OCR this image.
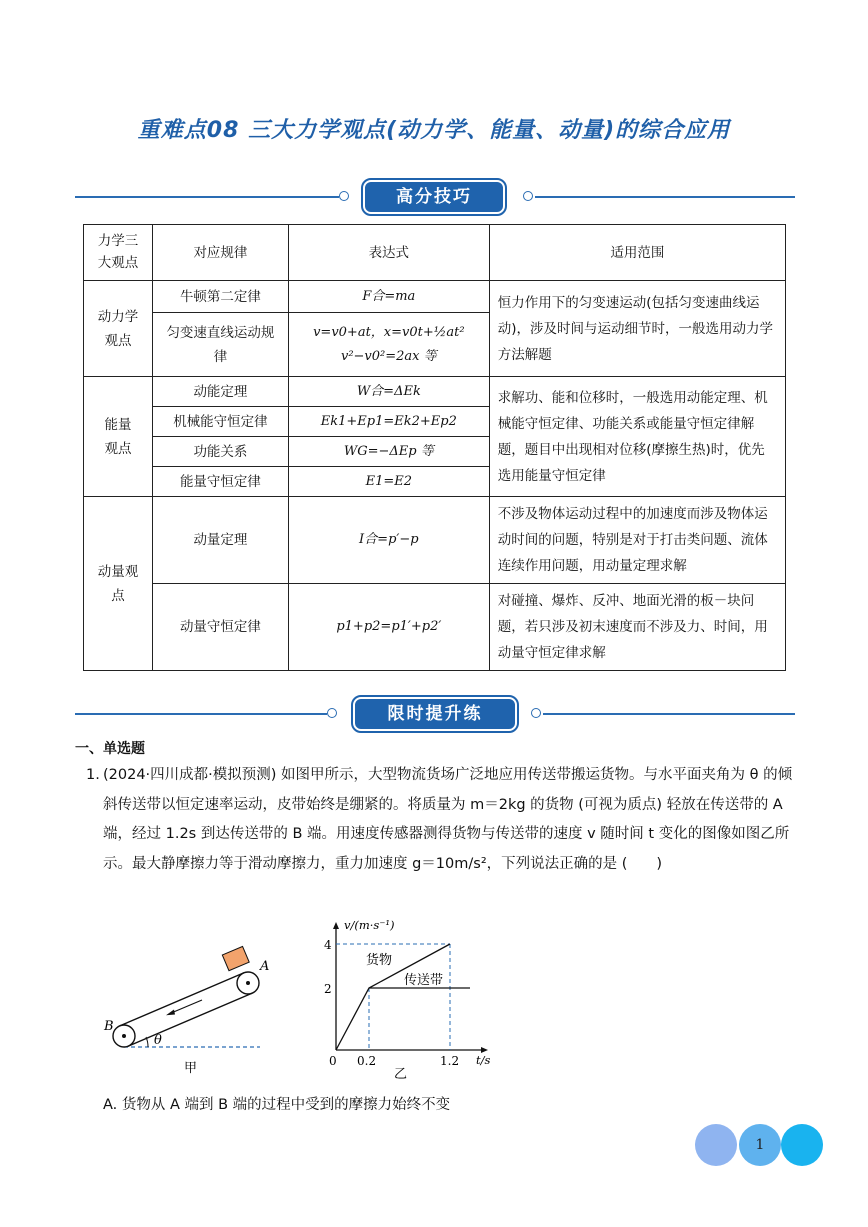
重难点08 三大力学观点(动力学、能量、动量)的综合应用
高分技巧
力学三大观点	对应规律	表达式	适用范围
动力学观点	牛顿第二定律	F合=ma	恒力作用下的匀变速运动(包括匀变速曲线运动)，涉及时间与运动细节时，一般选用动力学方法解题
	匀变速直线运动规律	v=v0+at，x=v0t+½at²
v²−v0²=2ax 等	

能量观点	动能定理	W合=ΔEk	求解功、能和位移时，一般选用动能定理、机械能守恒定律、功能关系或能量守恒定律解题，题目中出现相对位移(摩擦生热)时，优先选用能量守恒定律
	机械能守恒定律	Ek1+Ep1=Ek2+Ep2	
	功能关系	WG=−ΔEp 等	
	能量守恒定律	E1=E2	
动量观点	动量定理	I合=p′−p	不涉及物体运动过程中的加速度而涉及物体运动时间的问题，特别是对于打击类问题、流体连续作用问题，用动量定理求解
	动量守恒定律	p1+p2=p1′+p2′	对碰撞、爆炸、反冲、地面光滑的板－块问题，若只涉及初末速度而不涉及力、时间，用动量守恒定律求解
限时提升练
一、单选题
1. (2024·四川成都·模拟预测) 如图甲所示，大型物流货场广泛地应用传送带搬运货物。与水平面夹角为 θ 的倾斜传送带以恒定速率运动，皮带始终是绷紧的。将质量为 m＝2kg 的货物 (可视为质点) 轻放在传送带的 A 端，经过 1.2s 到达传送带的 B 端。用速度传感器测得货物与传送带的速度 v 随时间 t 变化的图像如图乙所示。最大静摩擦力等于滑动摩擦力，重力加速度 g＝10m/s²，下列说法正确的是 (　　)
θ
A
B
甲
v/(m·s⁻¹)
t/s
4
2
0 0.2	1.2
货物
传送带
乙
A. 货物从 A 端到 B 端的过程中受到的摩擦力始终不变
1
